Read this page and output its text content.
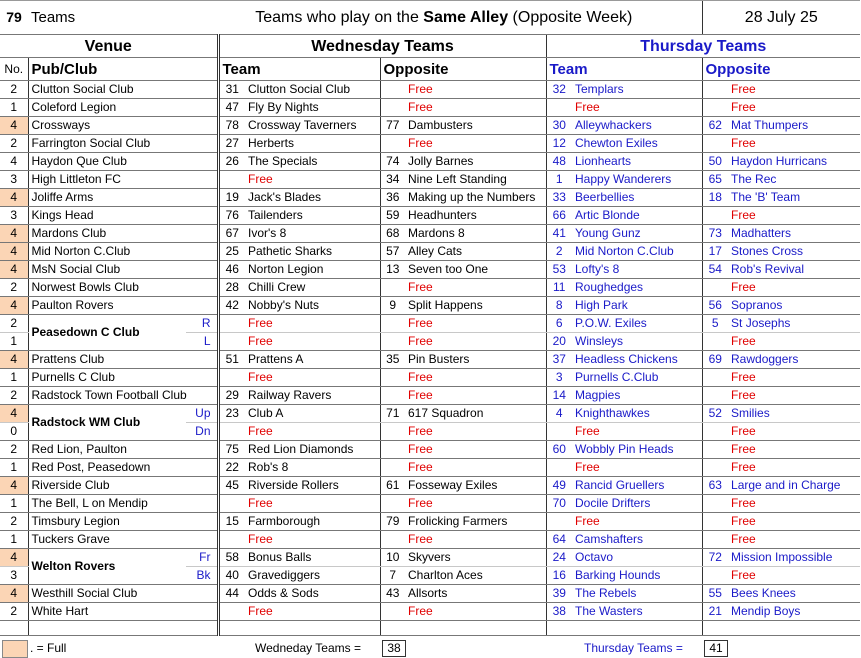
79	Teams	Teams who play on the Same Alley (Opposite Week)							28 July 25	
Venue			Wednesday Teams				Thursday Teams			
No.	Pub/Club		Team		Opposite		Team		Opposite	
2	Clutton Social Club		31	Clutton Social Club		Free	32	Templars		Free
1	Coleford Legion		47	Fly By Nights		Free		Free		Free
4	Crossways		78	Crossway Taverners	77	Dambusters	30	Alleywhackers	62	Mat Thumpers
2	Farrington Social Club		27	Herberts		Free	12	Chewton Exiles		Free
4	Haydon Que Club		26	The Specials	74	Jolly Barnes	48	Lionhearts	50	Haydon Hurricans
3	High Littleton FC			Free	34	Nine Left Standing	1	Happy Wanderers	65	The Rec
4	Joliffe Arms		19	Jack's Blades	36	Making up the Numbers	33	Beerbellies	18	The 'B' Team
3	Kings Head		76	Tailenders	59	Headhunters	66	Artic Blonde		Free
4	Mardons Club		67	Ivor's 8	68	Mardons 8	41	Young Gunz	73	Madhatters
4	Mid Norton C.Club		25	Pathetic Sharks	57	Alley Cats	2	Mid Norton C.Club	17	Stones Cross
4	MsN Social Club		46	Norton Legion	13	Seven too One	53	Lofty's 8	54	Rob's Revival
2	Norwest Bowls Club		28	Chilli Crew		Free	11	Roughedges		Free
4	Paulton Rovers		42	Nobby's Nuts	9	Split Happens	8	High Park	56	Sopranos
2	Peasedown C Club	R		Free		Free	6	P.O.W. Exiles	5	St Josephs
1		L		Free		Free	20	Winsleys		Free
4	Prattens Club		51	Prattens A	35	Pin Busters	37	Headless Chickens	69	Rawdoggers
1	Purnells C Club			Free		Free	3	Purnells C.Club		Free
2	Radstock Town Football Club		29	Railway Ravers		Free	14	Magpies		Free
4	Radstock WM Club	Up	23	Club A	71	617 Squadron	4	Knighthawkes	52	Smilies
0		Dn		Free		Free		Free		Free
2	Red Lion, Paulton		75	Red Lion Diamonds		Free	60	Wobbly Pin Heads		Free
1	Red Post, Peasedown		22	Rob's 8		Free		Free		Free
4	Riverside Club		45	Riverside Rollers	61	Fosseway Exiles	49	Rancid Gruellers	63	Large and in Charge
1	The Bell, L on Mendip			Free		Free	70	Docile Drifters		Free
2	Timsbury Legion		15	Farmborough	79	Frolicking Farmers		Free		Free
1	Tuckers Grave			Free		Free	64	Camshafters		Free
4	Welton Rovers	Fr	58	Bonus Balls	10	Skyvers	24	Octavo	72	Mission Impossible
3		Bk	40	Gravediggers	7	Charlton Aces	16	Barking Hounds		Free
4	Westhill Social Club		44	Odds & Sods	43	Allsorts	39	The Rebels	55	Bees Knees
2	White Hart			Free		Free	38	The Wasters	21	Mendip Boys

. = Full	Wedneday Teams =	38	Thursday Teams =	41
